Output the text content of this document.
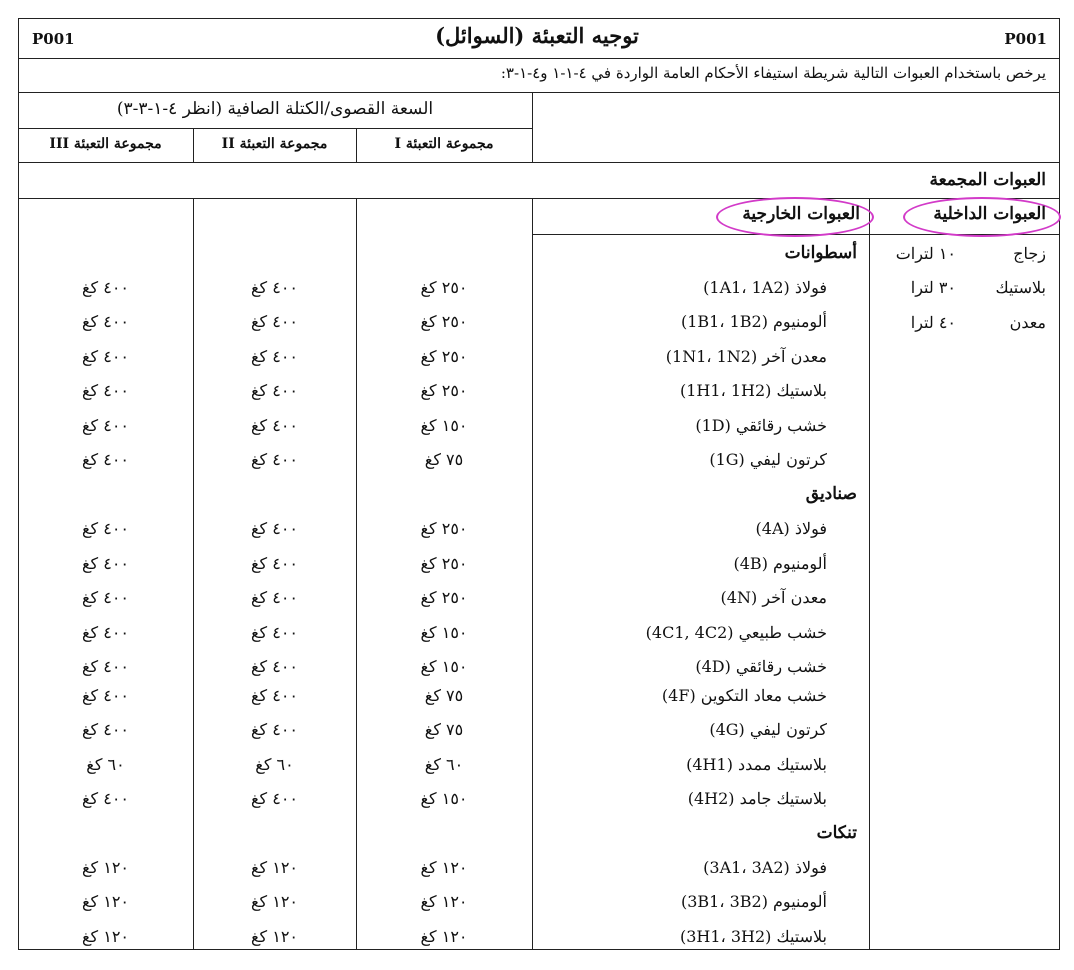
P001	P001
توجيه التعبئة (السوائل)
يرخص باستخدام العبوات التالية شريطة استيفاء الأحكام العامة الواردة في ٤-١-١ و٤-١-٣:
السعة القصوى/الكتلة الصافية (انظر ٤-١-٣-٣)
مجموعة التعبئة I
مجموعة التعبئة II
مجموعة التعبئة III
العبوات المجمعة
العبوات الداخلية
العبوات الخارجية
زجاج
١٠ لترات
بلاستيك
٣٠ لترا
معدن
٤٠ لترا
أسطوانات
صناديق
تنكات
فولاذ (1A1، 1A2)
٢٥٠ كغ
٤٠٠ كغ
٤٠٠ كغ
ألومنيوم (1B1، 1B2)
٢٥٠ كغ
٤٠٠ كغ
٤٠٠ كغ
معدن آخر (1N1، 1N2)
٢٥٠ كغ
٤٠٠ كغ
٤٠٠ كغ
بلاستيك (1H1، 1H2)
٢٥٠ كغ
٤٠٠ كغ
٤٠٠ كغ
خشب رقائقي (1D)
١٥٠ كغ
٤٠٠ كغ
٤٠٠ كغ
كرتون ليفي (1G)
٧٥ كغ
٤٠٠ كغ
٤٠٠ كغ
فولاذ (4A)
٢٥٠ كغ
٤٠٠ كغ
٤٠٠ كغ
ألومنيوم (4B)
٢٥٠ كغ
٤٠٠ كغ
٤٠٠ كغ
معدن آخر (4N)
٢٥٠ كغ
٤٠٠ كغ
٤٠٠ كغ
خشب طبيعي (4C1, 4C2)
١٥٠ كغ
٤٠٠ كغ
٤٠٠ كغ
خشب رقائقي (4D)
١٥٠ كغ
٤٠٠ كغ
٤٠٠ كغ
خشب معاد التكوين (4F)
٧٥ كغ
٤٠٠ كغ
٤٠٠ كغ
كرتون ليفي (4G)
٧٥ كغ
٤٠٠ كغ
٤٠٠ كغ
بلاستيك ممدد (4H1)
٦٠ كغ
٦٠ كغ
٦٠ كغ
بلاستيك جامد (4H2)
١٥٠ كغ
٤٠٠ كغ
٤٠٠ كغ
فولاذ (3A1، 3A2)
١٢٠ كغ
١٢٠ كغ
١٢٠ كغ
ألومنيوم (3B1، 3B2)
١٢٠ كغ
١٢٠ كغ
١٢٠ كغ
بلاستيك (3H1، 3H2)
١٢٠ كغ
١٢٠ كغ
١٢٠ كغ
